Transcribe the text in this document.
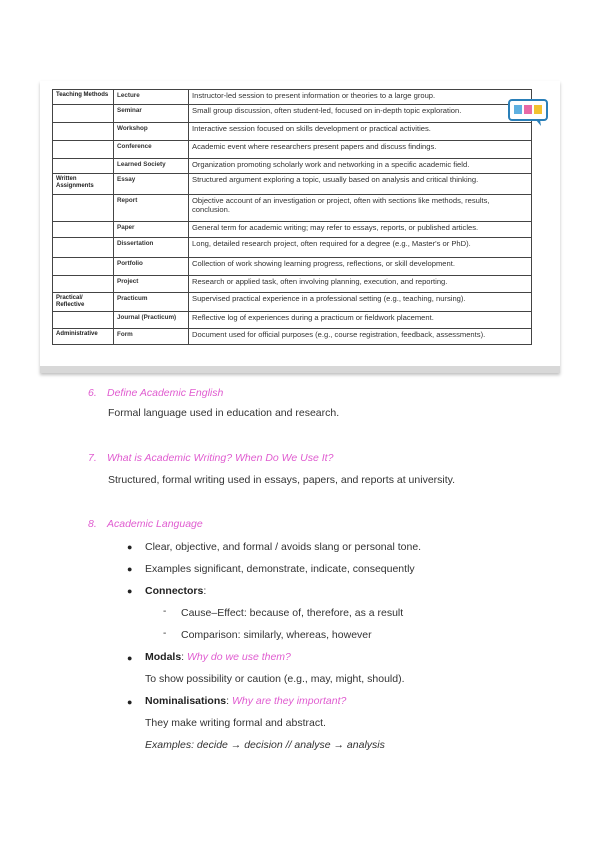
Teaching Methods	Lecture	Instructor-led session to present information or theories to a large group.
	Seminar	Small group discussion, often student-led, focused on in-depth topic exploration.
	Workshop	Interactive session focused on skills development or practical activities.
	Conference	Academic event where researchers present papers and discuss findings.
	Learned Society	Organization promoting scholarly work and networking in a specific academic field.
Written Assignments	Essay	Structured argument exploring a topic, usually based on analysis and critical thinking.
	Report	Objective account of an investigation or project, often with sections like methods, results, conclusion.
	Paper	General term for academic writing; may refer to essays, reports, or published articles.
	Dissertation	Long, detailed research project, often required for a degree (e.g., Master's or PhD).
	Portfolio	Collection of work showing learning progress, reflections, or skill development.
	Project	Research or applied task, often involving planning, execution, and reporting.
Practical/ Reflective	Practicum	Supervised practical experience in a professional setting (e.g., teaching, nursing).
	Journal (Practicum)	Reflective log of experiences during a practicum or fieldwork placement.
Administrative	Form	Document used for official purposes (e.g., course registration, feedback, assessments).
6. Define Academic English
Formal language used in education and research.
7. What is Academic Writing? When Do We Use It?
Structured, formal writing used in essays, papers, and reports at university.
8. Academic Language
● Clear, objective, and formal / avoids slang or personal tone.
● Examples significant, demonstrate, indicate, consequently
● Connectors:
- Cause–Effect: because of, therefore, as a result
- Comparison: similarly, whereas, however
● Modals: Why do we use them?
To show possibility or caution (e.g., may, might, should).
● Nominalisations: Why are they important?
They make writing formal and abstract.
Examples: decide → decision // analyse → analysis
